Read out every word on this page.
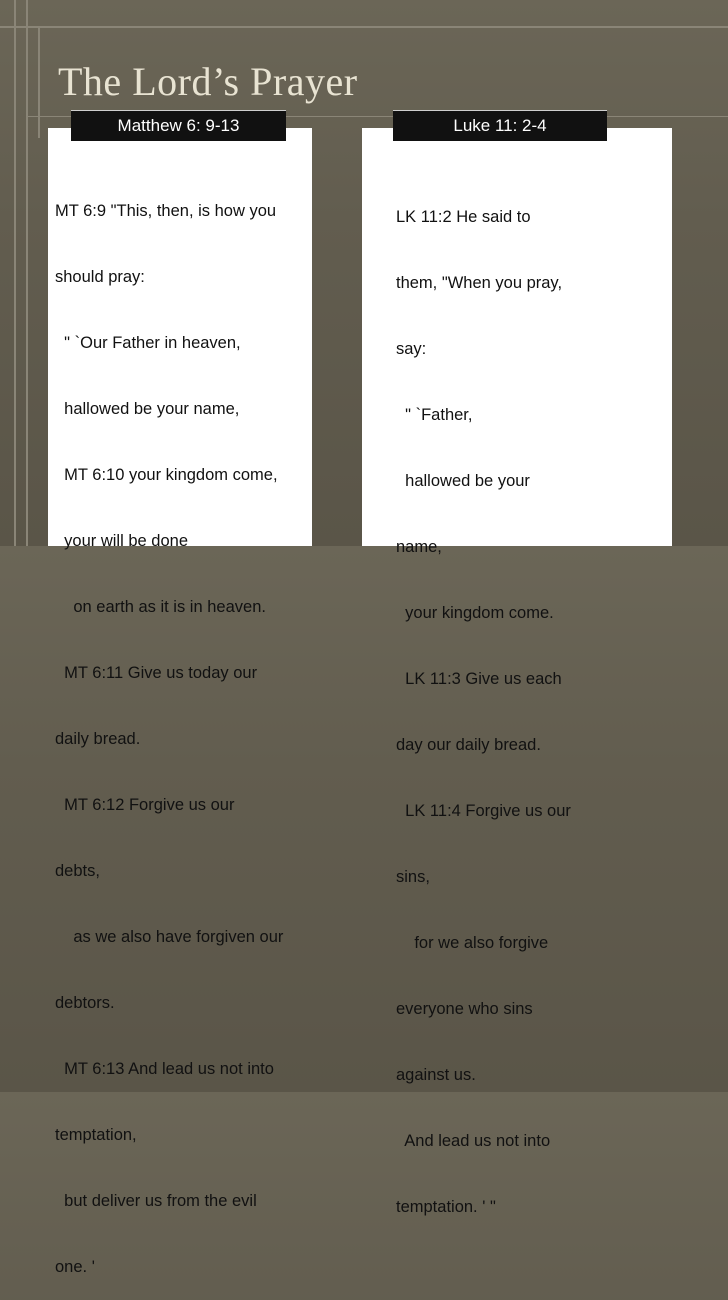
The Lord’s Prayer

MT 6:9 "This, then, is how you

should pray:

" `Our Father in heaven,

hallowed be your name,

MT 6:10 your kingdom come,

your will be done

on earth as it is in heaven.

MT 6:11 Give us today our

daily bread.

MT 6:12 Forgive us our

debts,

as we also have forgiven our

debtors.

MT 6:13 And lead us not into

temptation,

but deliver us from the evil

one. '

LK 11:2 He said to

them, "When you pray,

say:

" `Father,

hallowed be your

name,

your kingdom come.

LK 11:3 Give us each

day our daily bread.

LK 11:4 Forgive us our

sins,

for we also forgive

everyone who sins

against us.

And lead us not into

temptation. ' "

Matthew 6: 9-13	Luke 11: 2-4
